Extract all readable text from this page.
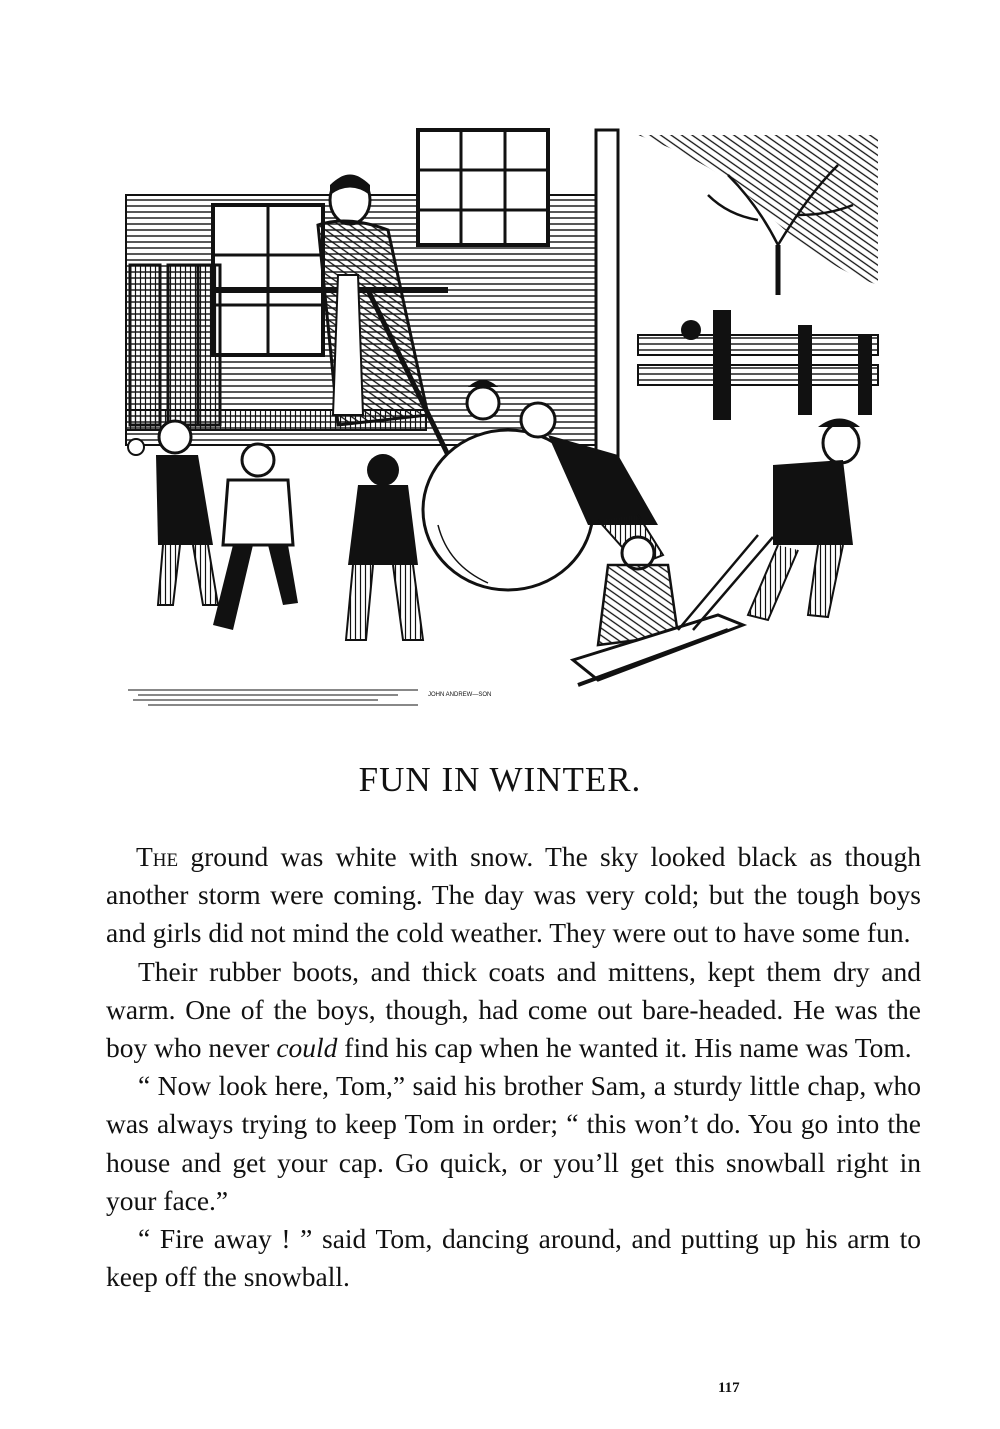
JOHN ANDREW—SON
FUN IN WINTER.

The ground was white with snow. The sky looked black as though another storm were coming. The day was very cold; but the tough boys and girls did not mind the cold weather. They were out to have some fun.

Their rubber boots, and thick coats and mittens, kept them dry and warm. One of the boys, though, had come out bare-headed. He was the boy who never could find his cap when he wanted it. His name was Tom.

“ Now look here, Tom,” said his brother Sam, a sturdy little chap, who was always trying to keep Tom in order; “ this won’t do. You go into the house and get your cap. Go quick, or you’ll get this snowball right in your face.”

“ Fire away ! ” said Tom, dancing around, and putting up his arm to keep off the snowball.

117
